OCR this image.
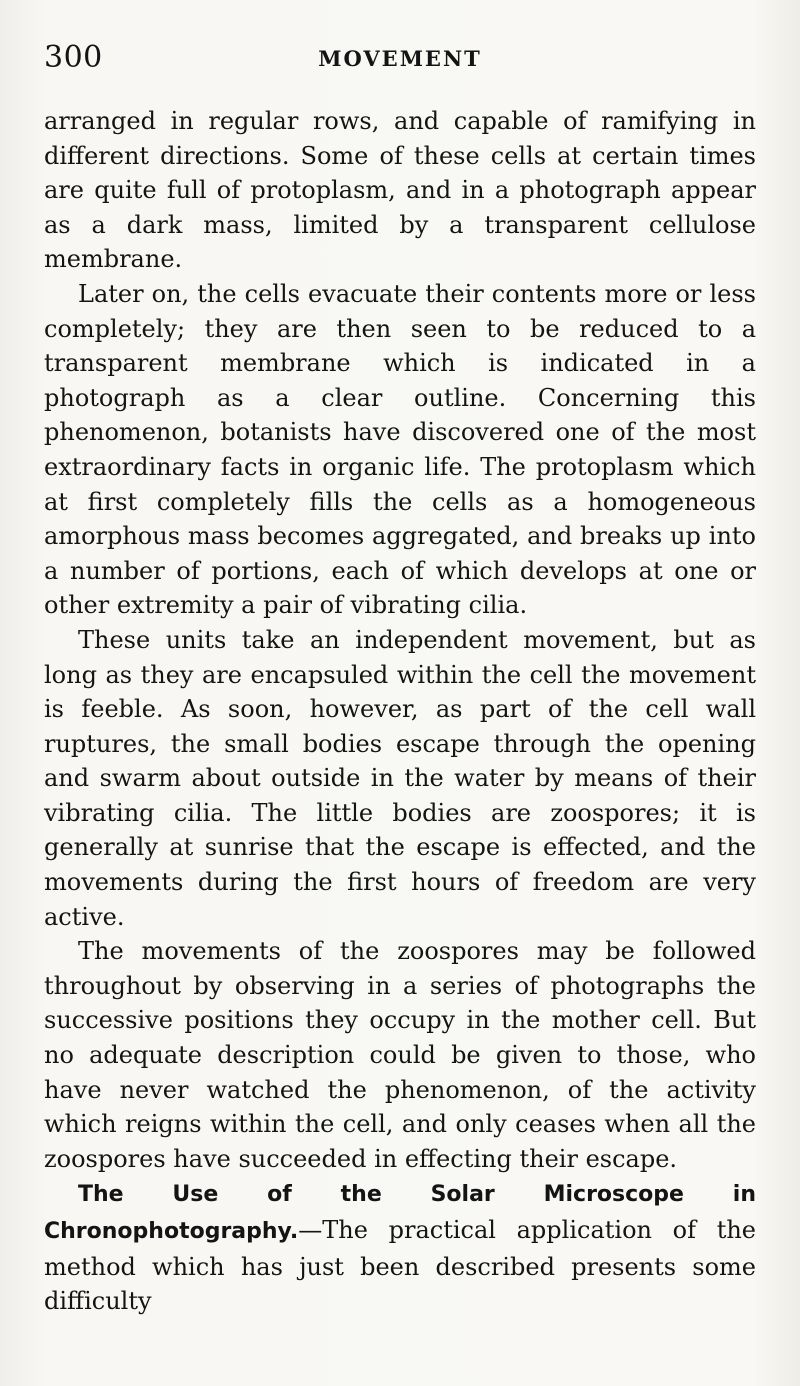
300	MOVEMENT

arranged in regular rows, and capable of ramifying in different directions. Some of these cells at certain times are quite full of protoplasm, and in a photograph appear as a dark mass, limited by a transparent cellulose membrane.

Later on, the cells evacuate their contents more or less completely; they are then seen to be reduced to a transparent membrane which is indicated in a photograph as a clear outline. Concerning this phenomenon, botanists have discovered one of the most extraordinary facts in organic life. The protoplasm which at first completely fills the cells as a homogeneous amorphous mass becomes aggregated, and breaks up into a number of portions, each of which develops at one or other extremity a pair of vibrating cilia.

These units take an independent movement, but as long as they are encapsuled within the cell the movement is feeble. As soon, however, as part of the cell wall ruptures, the small bodies escape through the opening and swarm about outside in the water by means of their vibrating cilia. The little bodies are zoospores; it is generally at sunrise that the escape is effected, and the movements during the first hours of freedom are very active.

The movements of the zoospores may be followed throughout by observing in a series of photographs the successive positions they occupy in the mother cell. But no adequate description could be given to those, who have never watched the phenomenon, of the activity which reigns within the cell, and only ceases when all the zoospores have succeeded in effecting their escape.

The Use of the Solar Microscope in Chronophotography.—The practical application of the method which has just been described presents some difficulty
